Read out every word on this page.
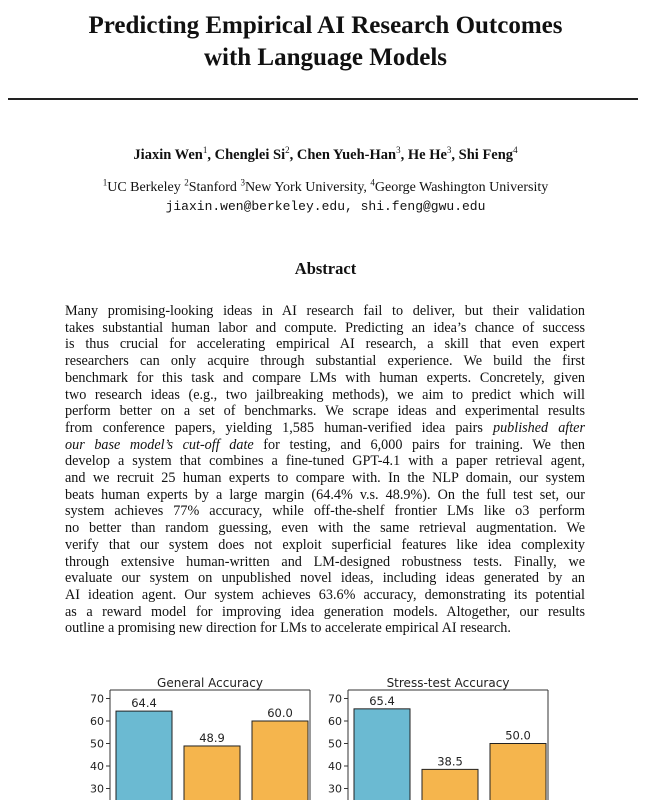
Predicting Empirical AI Research Outcomes
with Language Models
Jiaxin Wen$^1$, Chenglei Si$^2$, Chen Yueh-Han$^3$, He He$^3$, Shi Feng$^4$
$^1$UC Berkeley $^2$Stanford $^3$New York University, $^4$George Washington University
jiaxin.wen@berkeley.edu, shi.feng@gwu.edu
Abstract
Many promising-looking ideas in AI research fail to deliver, but their validation
takes substantial human labor and compute. Predicting an idea’s chance of success
is thus crucial for accelerating empirical AI research, a skill that even expert
researchers can only acquire through substantial experience. We build the first
benchmark for this task and compare LMs with human experts. Concretely, given
two research ideas (e.g., two jailbreaking methods), we aim to predict which will
perform better on a set of benchmarks. We scrape ideas and experimental results
from conference papers, yielding 1,585 human-verified idea pairs published after
our base model’s cut-off date for testing, and 6,000 pairs for training. We then
develop a system that combines a fine-tuned GPT-4.1 with a paper retrieval agent,
and we recruit 25 human experts to compare with. In the NLP domain, our system
beats human experts by a large margin (64.4% v.s. 48.9%). On the full test set, our
system achieves 77% accuracy, while off-the-shelf frontier LMs like o3 perform
no better than random guessing, even with the same retrieval augmentation. We
verify that our system does not exploit superficial features like idea complexity
through extensive human-written and LM-designed robustness tests. Finally, we
evaluate our system on unpublished novel ideas, including ideas generated by an
AI ideation agent. Our system achieves 63.6% accuracy, demonstrating its potential
as a reward model for improving idea generation models. Altogether, our results
outline a promising new direction for LMs to accelerate empirical AI research.
General Accuracy
30
40
50
60
70 64.4
48.9
60.0
Stress-test Accuracy
30
40
50
60
70 65.4
38.5
50.0
